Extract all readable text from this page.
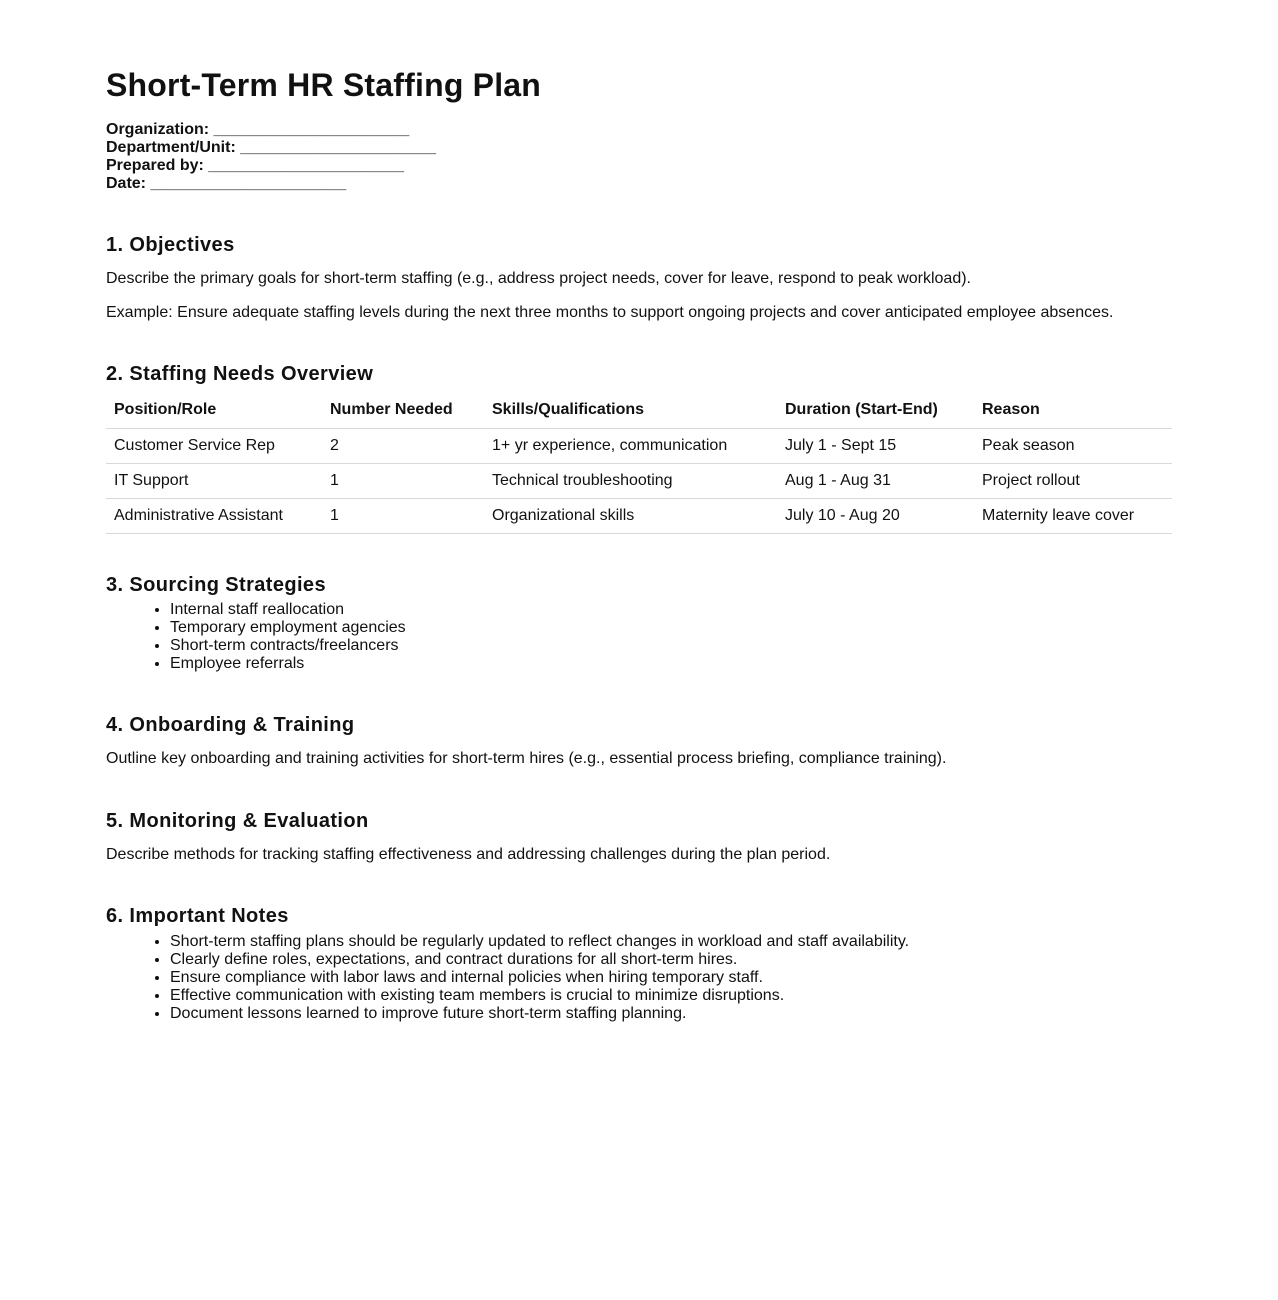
Short-Term HR Staffing Plan
Organization: ______________________
Department/Unit: ______________________
Prepared by: ______________________
Date: ______________________
1. Objectives

Describe the primary goals for short-term staffing (e.g., address project needs, cover for leave, respond to peak workload).

Example: Ensure adequate staffing levels during the next three months to support ongoing projects and cover anticipated employee absences.

2. Staffing Needs Overview
Position/Role	Number Needed	Skills/Qualifications	Duration (Start-End)	Reason
Customer Service Rep	2	1+ yr experience, communication	July 1 - Sept 15	Peak season
IT Support	1	Technical troubleshooting	Aug 1 - Aug 31	Project rollout
Administrative Assistant	1	Organizational skills	July 10 - Aug 20	Maternity leave cover
3. Sourcing Strategies
• Internal staff reallocation
• Temporary employment agencies
• Short-term contracts/freelancers
• Employee referrals
4. Onboarding & Training

Outline key onboarding and training activities for short-term hires (e.g., essential process briefing, compliance training).

5. Monitoring & Evaluation

Describe methods for tracking staffing effectiveness and addressing challenges during the plan period.

6. Important Notes
• Short-term staffing plans should be regularly updated to reflect changes in workload and staff availability.
• Clearly define roles, expectations, and contract durations for all short-term hires.
• Ensure compliance with labor laws and internal policies when hiring temporary staff.
• Effective communication with existing team members is crucial to minimize disruptions.
• Document lessons learned to improve future short-term staffing planning.
